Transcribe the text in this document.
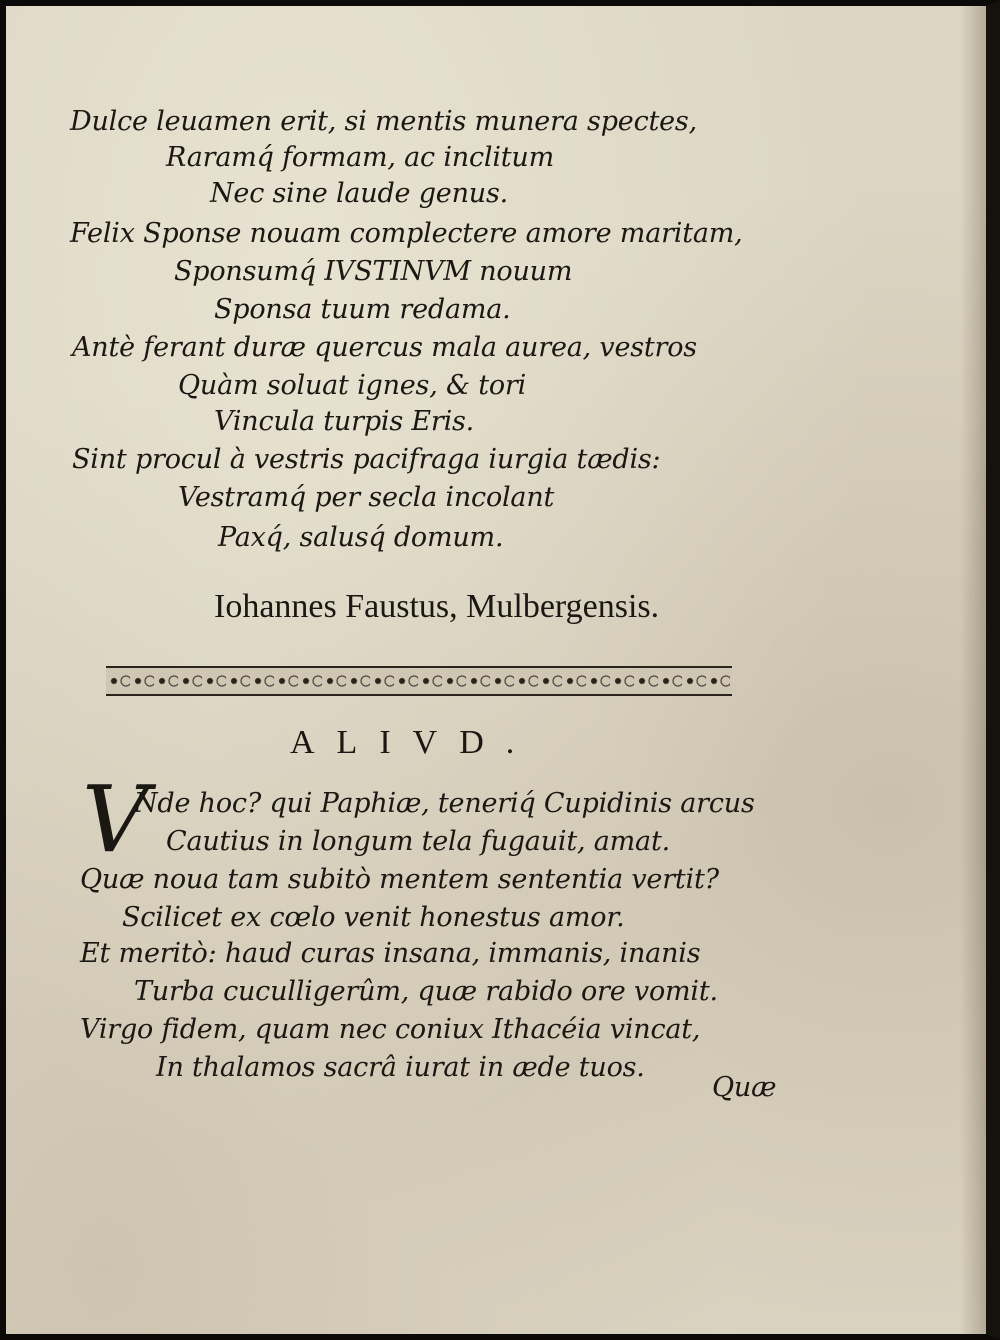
Dulce leuamen erit, si mentis munera spectes,
Raramq́ formam, ac inclitum
Nec sine laude genus.
Felix Sponse nouam complectere amore maritam,
Sponsumq́ IVSTINVM nouum
Sponsa tuum redama.
Antè ferant duræ quercus mala aurea, vestros
Quàm soluat ignes, & tori
Vincula turpis Eris.
Sint procul à vestris pacifraga iurgia tædis:
Vestramq́ per secla incolant
Paxq́, salusq́ domum.
Iohannes Faustus, Mulbergensis.
ALIVD.
V
Nde hoc? qui Paphiæ, teneriq́ Cupidinis arcus
Cautius in longum tela fugauit, amat.
Quæ noua tam subitò mentem sententia vertit?
Scilicet ex cœlo venit honestus amor.
Et meritò: haud curas insana, immanis, inanis
Turba cuculligerûm, quæ rabido ore vomit.
Virgo fidem, quam nec coniux Ithacéia vincat,
In thalamos sacrâ iurat in æde tuos.
Quæ
